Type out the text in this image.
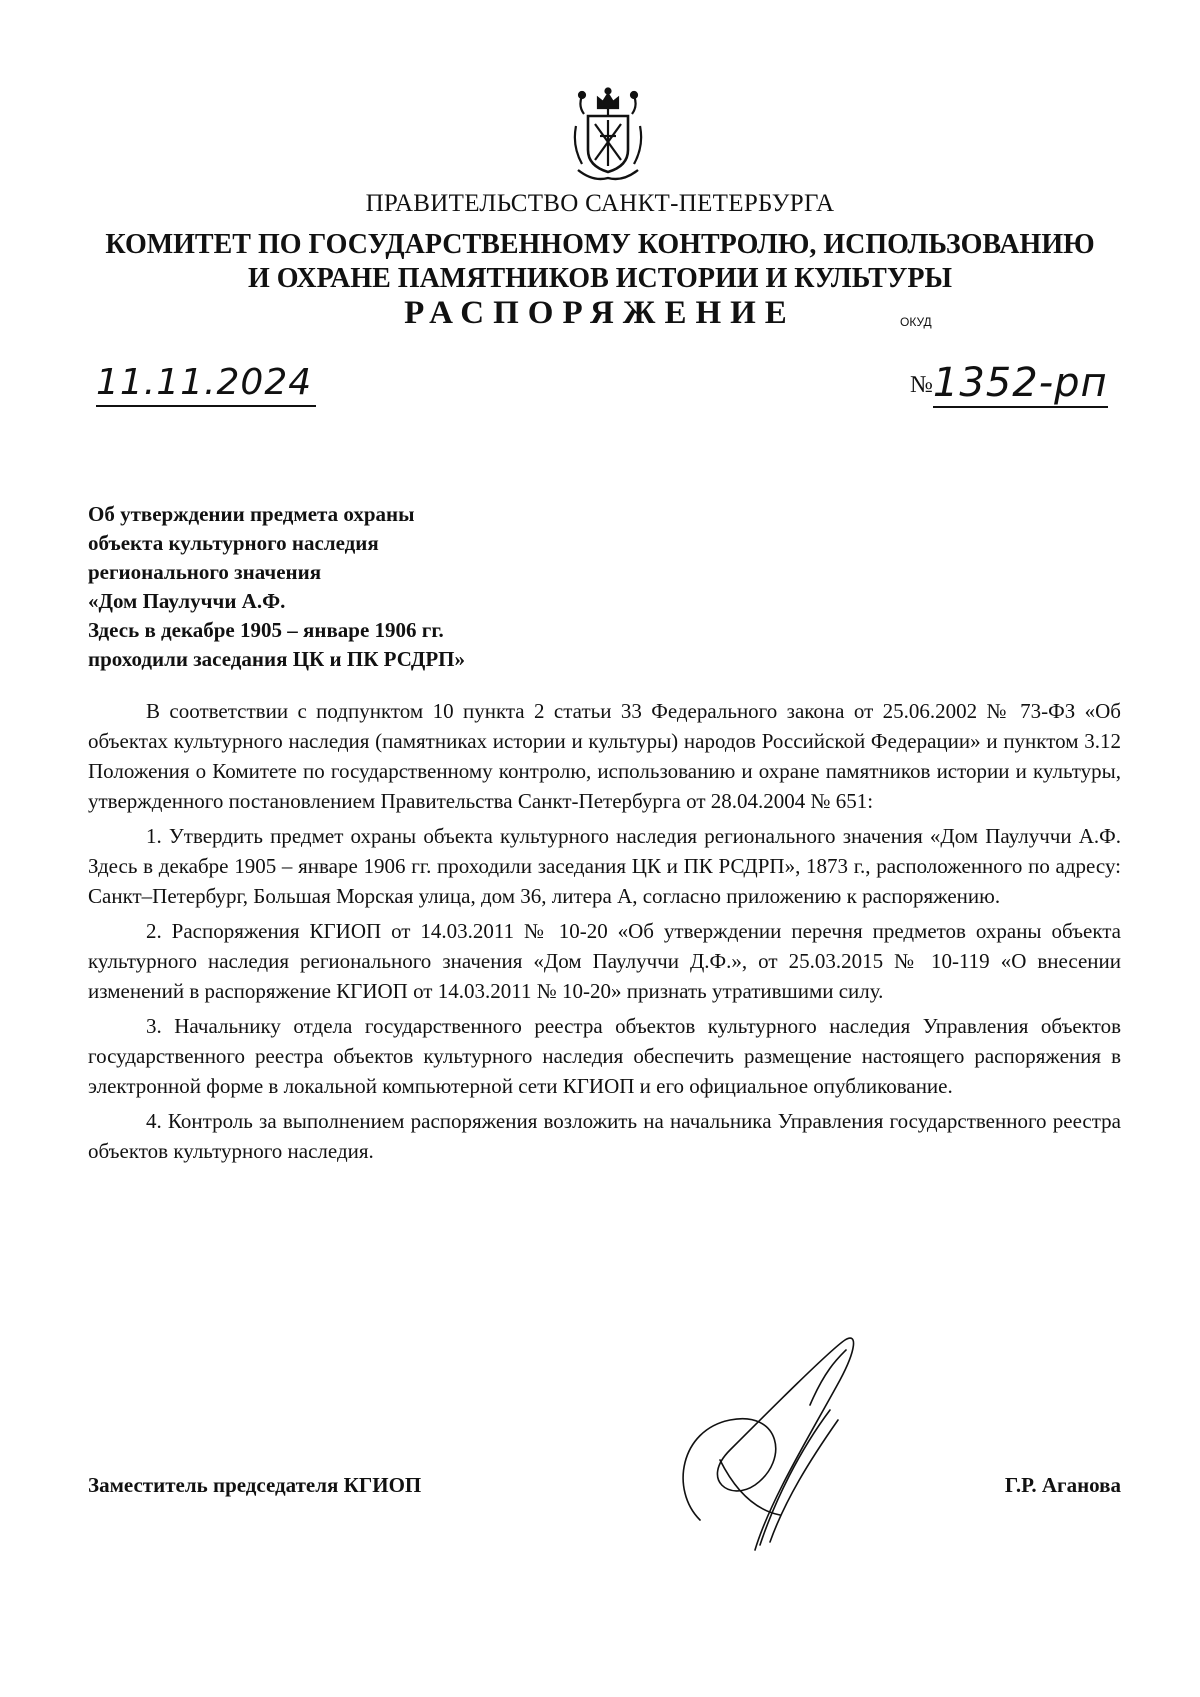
ПРАВИТЕЛЬСТВО САНКТ-ПЕТЕРБУРГА
КОМИТЕТ ПО ГОСУДАРСТВЕННОМУ КОНТРОЛЮ, ИСПОЛЬЗОВАНИЮ
И ОХРАНЕ ПАМЯТНИКОВ ИСТОРИИ И КУЛЬТУРЫ
РАСПОРЯЖЕНИЕ	ОКУД
11.11.2024	№1352-рп
Об утверждении предмета охраны
объекта культурного наследия
регионального значения
«Дом Паулуччи А.Ф.
Здесь в декабре 1905 – январе 1906 гг.
проходили заседания ЦК и ПК РСДРП»

В соответствии с подпунктом 10 пункта 2 статьи 33 Федерального закона от 25.06.2002 № 73-ФЗ «Об объектах культурного наследия (памятниках истории и культуры) народов Российской Федерации» и пунктом 3.12 Положения о Комитете по государственному контролю, использованию и охране памятников истории и культуры, утвержденного постановлением Правительства Санкт-Петербурга от 28.04.2004 № 651:

1. Утвердить предмет охраны объекта культурного наследия регионального значения «Дом Паулуччи А.Ф. Здесь в декабре 1905 – январе 1906 гг. проходили заседания ЦК и ПК РСДРП», 1873 г., расположенного по адресу: Санкт–Петербург, Большая Морская улица, дом 36, литера А, согласно приложению к распоряжению.

2. Распоряжения КГИОП от 14.03.2011 № 10-20 «Об утверждении перечня предметов охраны объекта культурного наследия регионального значения «Дом Паулуччи Д.Ф.», от 25.03.2015 № 10-119 «О внесении изменений в распоряжение КГИОП от 14.03.2011 № 10-20» признать утратившими силу.

3. Начальнику отдела государственного реестра объектов культурного наследия Управления объектов государственного реестра объектов культурного наследия обеспечить размещение настоящего распоряжения в электронной форме в локальной компьютерной сети КГИОП и его официальное опубликование.

4. Контроль за выполнением распоряжения возложить на начальника Управления государственного реестра объектов культурного наследия.

Заместитель председателя КГИОП	Г.Р. Аганова
